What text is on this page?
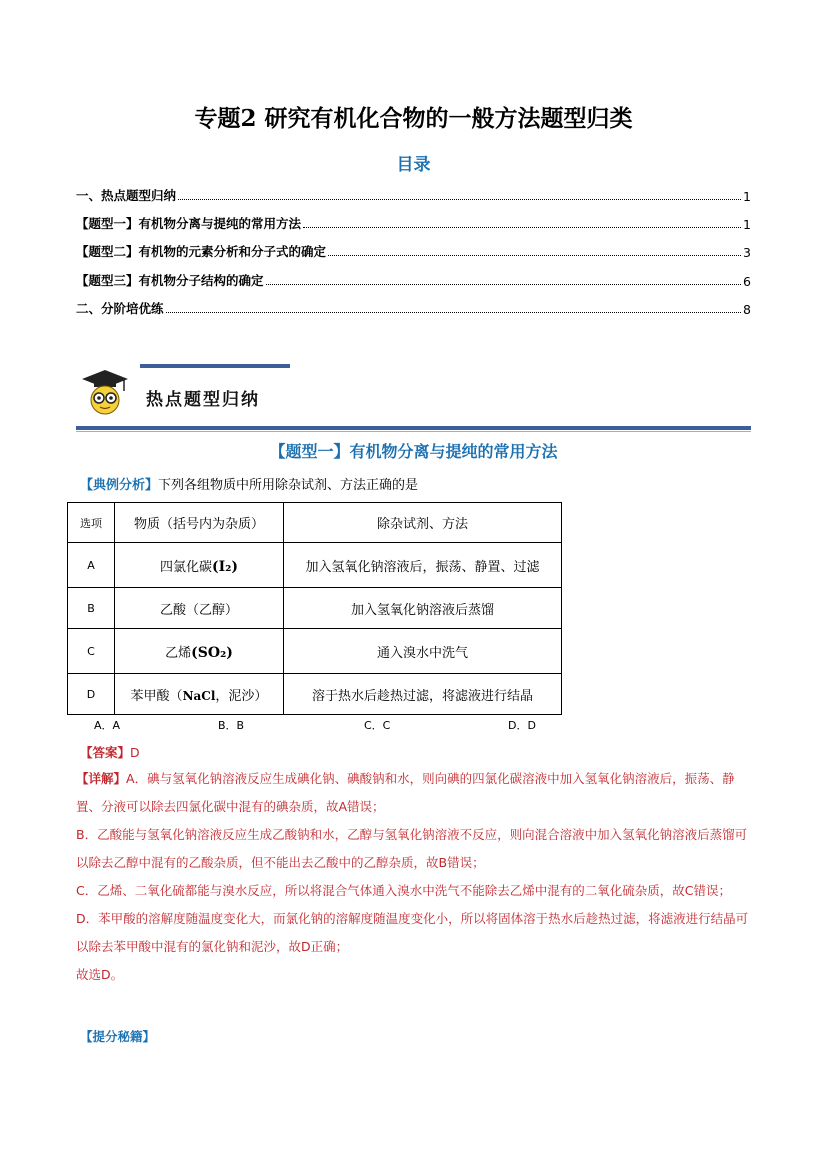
专题2 研究有机化合物的一般方法题型归类
目录
一、热点题型归纳	1
【题型一】有机物分离与提纯的常用方法	1
【题型二】有机物的元素分析和分子式的确定	3
【题型三】有机物分子结构的确定	6
二、分阶培优练	8
热点题型归纳
【题型一】有机物分离与提纯的常用方法
【典例分析】下列各组物质中所用除杂试剂、方法正确的是
选项	物质（括号内为杂质）	除杂试剂、方法
A	四氯化碳(I₂)	加入氢氧化钠溶液后，振荡、静置、过滤
B	乙酸（乙醇）	加入氢氧化钠溶液后蒸馏
C	乙烯(SO₂)	通入溴水中洗气
D	苯甲酸（NaCl，泥沙）	溶于热水后趁热过滤，将滤液进行结晶
A．A	B．B	C．C	D．D
【答案】D
【详解】A．碘与氢氧化钠溶液反应生成碘化钠、碘酸钠和水，则向碘的四氯化碳溶液中加入氢氧化钠溶液后，振荡、静置、分液可以除去四氯化碳中混有的碘杂质，故A错误；
B．乙酸能与氢氧化钠溶液反应生成乙酸钠和水，乙醇与氢氧化钠溶液不反应，则向混合溶液中加入氢氧化钠溶液后蒸馏可以除去乙醇中混有的乙酸杂质，但不能出去乙酸中的乙醇杂质，故B错误；
C．乙烯、二氧化硫都能与溴水反应，所以将混合气体通入溴水中洗气不能除去乙烯中混有的二氧化硫杂质，故C错误；
D．苯甲酸的溶解度随温度变化大，而氯化钠的溶解度随温度变化小，所以将固体溶于热水后趁热过滤，将滤液进行结晶可以除去苯甲酸中混有的氯化钠和泥沙，故D正确；
故选D。
【提分秘籍】
